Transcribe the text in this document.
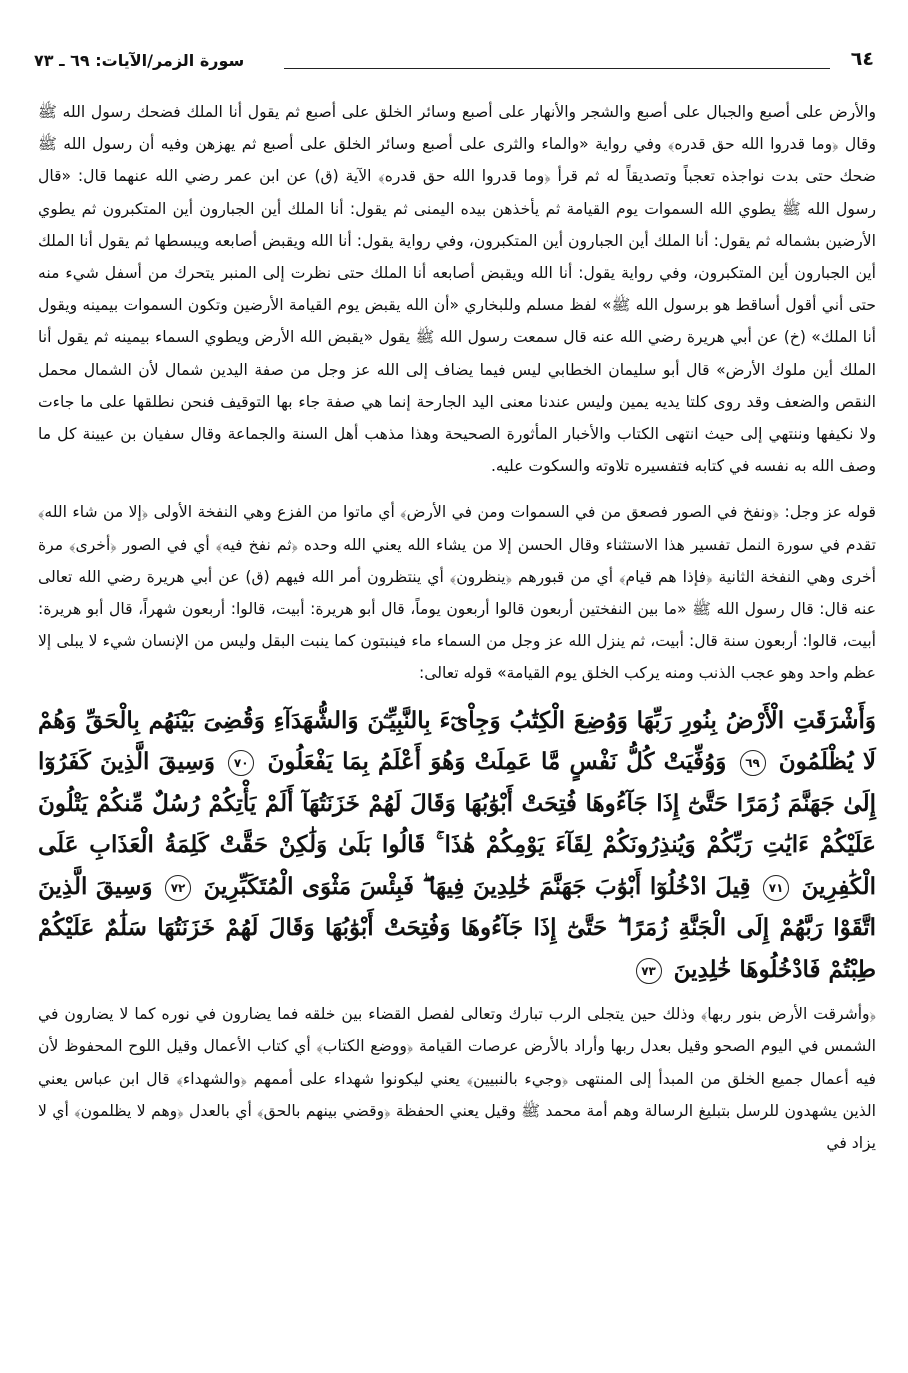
٦٤
سورة الزمر/الآيات: ٦٩ ـ ٧٣

والأرض على أصبع والجبال على أصبع والشجر والأنهار على أصبع وسائر الخلق على أصبع ثم يقول أنا الملك فضحك رسول الله ﷺ وقال ﴿وما قدروا الله حق قدره﴾ وفي رواية «والماء والثرى على أصبع وسائر الخلق على أصبع ثم يهزهن وفيه أن رسول الله ﷺ ضحك حتى بدت نواجذه تعجباً وتصديقاً له ثم قرأ ﴿وما قدروا الله حق قدره﴾ الآية (ق) عن ابن عمر رضي الله عنهما قال: «قال رسول الله ﷺ يطوي الله السموات يوم القيامة ثم يأخذهن بيده اليمنى ثم يقول: أنا الملك أين الجبارون أين المتكبرون ثم يطوي الأرضين بشماله ثم يقول: أنا الملك أين الجبارون أين المتكبرون، وفي رواية يقول: أنا الله ويقبض أصابعه ويبسطها ثم يقول أنا الملك أين الجبارون أين المتكبرون، وفي رواية يقول: أنا الله ويقبض أصابعه أنا الملك حتى نظرت إلى المنبر يتحرك من أسفل شيء منه حتى أني أقول أساقط هو برسول الله ﷺ» لفظ مسلم وللبخاري «أن الله يقبض يوم القيامة الأرضين وتكون السموات بيمينه ويقول أنا الملك» (خ) عن أبي هريرة رضي الله عنه قال سمعت رسول الله ﷺ يقول «يقبض الله الأرض ويطوي السماء بيمينه ثم يقول أنا الملك أين ملوك الأرض» قال أبو سليمان الخطابي ليس فيما يضاف إلى الله عز وجل من صفة اليدين شمال لأن الشمال محمل النقص والضعف وقد روى كلتا يديه يمين وليس عندنا معنى اليد الجارحة إنما هي صفة جاء بها التوقيف فنحن نطلقها على ما جاءت ولا نكيفها وننتهي إلى حيث انتهى الكتاب والأخبار المأثورة الصحيحة وهذا مذهب أهل السنة والجماعة وقال سفيان بن عيينة كل ما وصف الله به نفسه في كتابه فتفسيره تلاوته والسكوت عليه.

قوله عز وجل: ﴿ونفخ في الصور فصعق من في السموات ومن في الأرض﴾ أي ماتوا من الفزع وهي النفخة الأولى ﴿إلا من شاء الله﴾ تقدم في سورة النمل تفسير هذا الاستثناء وقال الحسن إلا من يشاء الله يعني الله وحده ﴿ثم نفخ فيه﴾ أي في الصور ﴿أخرى﴾ مرة أخرى وهي النفخة الثانية ﴿فإذا هم قيام﴾ أي من قبورهم ﴿ينظرون﴾ أي ينتظرون أمر الله فيهم (ق) عن أبي هريرة رضي الله تعالى عنه قال: قال رسول الله ﷺ «ما بين النفختين أربعون قالوا أربعون يوماً، قال أبو هريرة: أبيت، قالوا: أربعون شهراً، قال أبو هريرة: أبيت، قالوا: أربعون سنة قال: أبيت، ثم ينزل الله عز وجل من السماء ماء فينبتون كما ينبت البقل وليس من الإنسان شيء لا يبلى إلا عظم واحد وهو عجب الذنب ومنه يركب الخلق يوم القيامة» قوله تعالى:

وَأَشْرَقَتِ الْأَرْضُ بِنُورِ رَبِّهَا وَوُضِعَ الْكِتَٰبُ وَجِاْىٓءَ بِالنَّبِيِّـۧنَ وَالشُّهَدَآءِ وَقُضِىَ بَيْنَهُم بِالْحَقِّ وَهُمْ لَا يُظْلَمُونَ ٦٩ وَوُفِّيَتْ كُلُّ نَفْسٍ مَّا عَمِلَتْ وَهُوَ أَعْلَمُ بِمَا يَفْعَلُونَ ٧٠ وَسِيقَ الَّذِينَ كَفَرُوٓا إِلَىٰ جَهَنَّمَ زُمَرًا حَتَّىٰٓ إِذَا جَآءُوهَا فُتِحَتْ أَبْوَٰبُهَا وَقَالَ لَهُمْ خَزَنَتُهَآ أَلَمْ يَأْتِكُمْ رُسُلٌ مِّنكُمْ يَتْلُونَ عَلَيْكُمْ ءَايَٰتِ رَبِّكُمْ وَيُنذِرُونَكُمْ لِقَآءَ يَوْمِكُمْ هَٰذَا ۚ قَالُوا بَلَىٰ وَلَٰكِنْ حَقَّتْ كَلِمَةُ الْعَذَابِ عَلَى الْكَٰفِرِينَ ٧١ قِيلَ ادْخُلُوٓا أَبْوَٰبَ جَهَنَّمَ خَٰلِدِينَ فِيهَا ۖ فَبِئْسَ مَثْوَى الْمُتَكَبِّرِينَ ٧٢ وَسِيقَ الَّذِينَ اتَّقَوْا رَبَّهُمْ إِلَى الْجَنَّةِ زُمَرًا ۖ حَتَّىٰٓ إِذَا جَآءُوهَا وَفُتِحَتْ أَبْوَٰبُهَا وَقَالَ لَهُمْ خَزَنَتُهَا سَلَٰمٌ عَلَيْكُمْ طِبْتُمْ فَادْخُلُوهَا خَٰلِدِينَ ٧٣

﴿وأشرقت الأرض بنور ربها﴾ وذلك حين يتجلى الرب تبارك وتعالى لفصل القضاء بين خلقه فما يضارون في نوره كما لا يضارون في الشمس في اليوم الصحو وقيل بعدل ربها وأراد بالأرض عرصات القيامة ﴿ووضع الكتاب﴾ أي كتاب الأعمال وقيل اللوح المحفوظ لأن فيه أعمال جميع الخلق من المبدأ إلى المنتهى ﴿وجيء بالنبيين﴾ يعني ليكونوا شهداء على أممهم ﴿والشهداء﴾ قال ابن عباس يعني الذين يشهدون للرسل بتبليغ الرسالة وهم أمة محمد ﷺ وقيل يعني الحفظة ﴿وقضي بينهم بالحق﴾ أي بالعدل ﴿وهم لا يظلمون﴾ أي لا يزاد في
